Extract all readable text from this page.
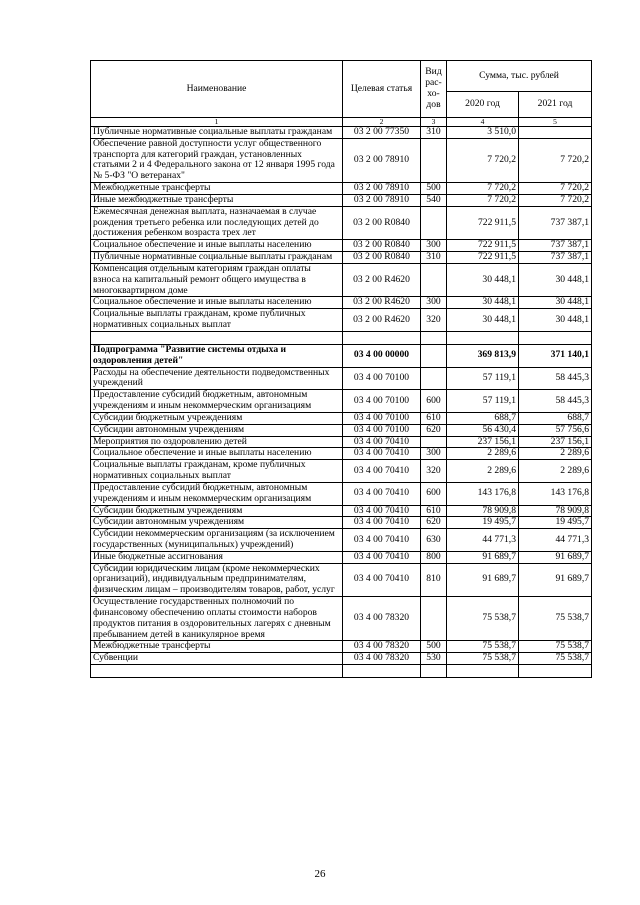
Наименование	Целевая статья	Вид рас-хо-дов	Сумма, тыс. рублей	
			2020 год	2021 год
1	2	3	4	5
Публичные нормативные социальные выплаты гражданам	03 2 00 77350	310	3 510,0	
Обеспечение равной доступности услуг общественного транспорта для категорий граждан, установленных статьями 2 и 4 Федерального закона от 12 января 1995 года № 5-ФЗ "О ветеранах"	03 2 00 78910		7 720,2	7 720,2
Межбюджетные трансферты	03 2 00 78910	500	7 720,2	7 720,2
Иные межбюджетные трансферты	03 2 00 78910	540	7 720,2	7 720,2
Ежемесячная денежная выплата, назначаемая в случае рождения третьего ребенка или последующих детей до достижения ребенком возраста трех лет	03 2 00 R0840		722 911,5	737 387,1
Социальное обеспечение и иные выплаты населению	03 2 00 R0840	300	722 911,5	737 387,1
Публичные нормативные социальные выплаты гражданам	03 2 00 R0840	310	722 911,5	737 387,1
Компенсация отдельным категориям граждан оплаты взноса на капитальный ремонт общего имущества в многоквартирном доме	03 2 00 R4620		30 448,1	30 448,1
Социальное обеспечение и иные выплаты населению	03 2 00 R4620	300	30 448,1	30 448,1
Социальные выплаты гражданам, кроме публичных нормативных социальных выплат	03 2 00 R4620	320	30 448,1	30 448,1

Подпрограмма "Развитие системы отдыха и оздоровления детей"	03 4 00 00000		369 813,9	371 140,1
Расходы на обеспечение деятельности подведомственных учреждений	03 4 00 70100		57 119,1	58 445,3
Предоставление субсидий бюджетным, автономным учреждениям и иным некоммерческим организациям	03 4 00 70100	600	57 119,1	58 445,3
Субсидии бюджетным учреждениям	03 4 00 70100	610	688,7	688,7
Субсидии автономным учреждениям	03 4 00 70100	620	56 430,4	57 756,6
Мероприятия по оздоровлению детей	03 4 00 70410		237 156,1	237 156,1
Социальное обеспечение и иные выплаты населению	03 4 00 70410	300	2 289,6	2 289,6
Социальные выплаты гражданам, кроме публичных нормативных социальных выплат	03 4 00 70410	320	2 289,6	2 289,6
Предоставление субсидий бюджетным, автономным учреждениям и иным некоммерческим организациям	03 4 00 70410	600	143 176,8	143 176,8
Субсидии бюджетным учреждениям	03 4 00 70410	610	78 909,8	78 909,8
Субсидии автономным учреждениям	03 4 00 70410	620	19 495,7	19 495,7
Субсидии некоммерческим организациям (за исключением государственных (муниципальных) учреждений)	03 4 00 70410	630	44 771,3	44 771,3
Иные бюджетные ассигнования	03 4 00 70410	800	91 689,7	91 689,7
Субсидии юридическим лицам (кроме некоммерческих организаций), индивидуальным предпринимателям, физическим лицам – производителям товаров, работ, услуг	03 4 00 70410	810	91 689,7	91 689,7
Осуществление государственных полномочий по финансовому обеспечению оплаты стоимости наборов продуктов питания в оздоровительных лагерях с дневным пребыванием детей в каникулярное время	03 4 00 78320		75 538,7	75 538,7
Межбюджетные трансферты	03 4 00 78320	500	75 538,7	75 538,7
Субвенции	03 4 00 78320	530	75 538,7	75 538,7

26
